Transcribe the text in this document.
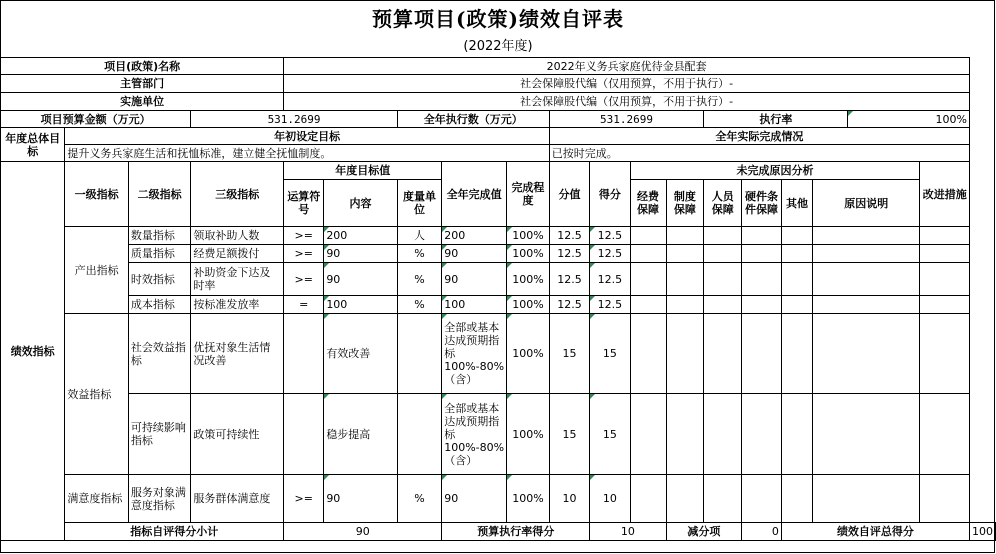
预算项目(政策)绩效自评表
(2022年度)
项目(政策)名称				2022年义务兵家庭优待金县配套															
主管部门				社会保障股代编（仅用预算，不用于执行）-															
实施单位				社会保障股代编（仅用预算，不用于执行）-															
项目预算金额（万元）			531.2699			全年执行数（万元）			531.2699				执行率				100%		
年度总体目标	年初设定目标								全年实际完成情况										
	提升义务兵家庭生活和抚恤标准，建立健全抚恤制度。								已按时完成。										
绩效指标	一级指标	二级指标	三级指标	年度目标值			全年完成值	完成程度	分值	得分	未完成原因分析							改进措施	
				运算符号	内容	度量单位					经费保障	制度保障	人员保障	硬件条件保障	其他	原因说明			
	产出指标	数量指标	领取补助人数	>=	200	人	200	100%	12.5	12.5									
		质量指标	经费足额拨付	>=	90	%	90	100%	12.5	12.5									
		时效指标	补助资金下达及时率	>=	90	%	90	100%	12.5	12.5									
		成本指标	按标准发放率	=	100	%	100	100%	12.5	12.5									
	效益指标	社会效益指标	优抚对象生活情况改善		有效改善		全部或基本达成预期指标100%-80%（含）	100%	15	15									
		可持续影响指标	政策可持续性		稳步提高		全部或基本达成预期指标100%-80%（含）	100%	15	15									
	满意度指标	服务对象满意度指标	服务群体满意度	>=	90	%	90	100%	10	10									
	指标自评得分小计			90			预算执行率得分			10		减分项		0	绩效自评总得分				100
